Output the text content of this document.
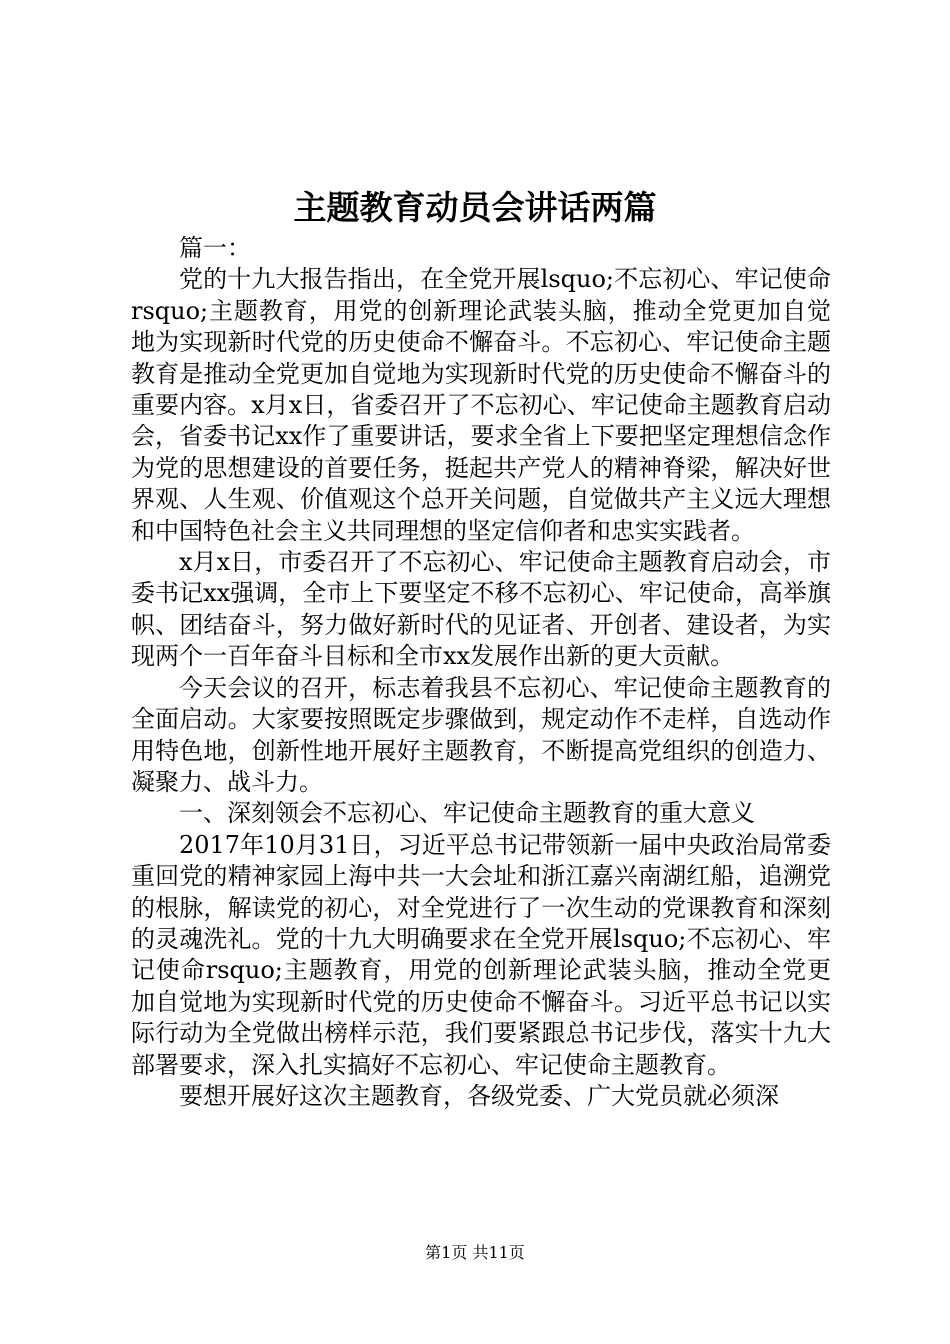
主题教育动员会讲话两篇

篇一：

党的十九大报告指出，在全党开展lsquo;不忘初心、牢记使命rsquo;主题教育，用党的创新理论武装头脑，推动全党更加自觉地为实现新时代党的历史使命不懈奋斗。不忘初心、牢记使命主题教育是推动全党更加自觉地为实现新时代党的历史使命不懈奋斗的重要内容。x月x日，省委召开了不忘初心、牢记使命主题教育启动会，省委书记xx作了重要讲话，要求全省上下要把坚定理想信念作为党的思想建设的首要任务，挺起共产党人的精神脊梁，解决好世界观、人生观、价值观这个总开关问题，自觉做共产主义远大理想和中国特色社会主义共同理想的坚定信仰者和忠实实践者。

x月x日，市委召开了不忘初心、牢记使命主题教育启动会，市委书记xx强调，全市上下要坚定不移不忘初心、牢记使命，高举旗帜、团结奋斗，努力做好新时代的见证者、开创者、建设者，为实现两个一百年奋斗目标和全市xx发展作出新的更大贡献。

今天会议的召开，标志着我县不忘初心、牢记使命主题教育的全面启动。大家要按照既定步骤做到，规定动作不走样，自选动作用特色地，创新性地开展好主题教育，不断提高党组织的创造力、凝聚力、战斗力。

一、深刻领会不忘初心、牢记使命主题教育的重大意义

2017年10月31日，习近平总书记带领新一届中央政治局常委重回党的精神家园上海中共一大会址和浙江嘉兴南湖红船，追溯党的根脉，解读党的初心，对全党进行了一次生动的党课教育和深刻的灵魂洗礼。党的十九大明确要求在全党开展lsquo;不忘初心、牢记使命rsquo;主题教育，用党的创新理论武装头脑，推动全党更加自觉地为实现新时代党的历史使命不懈奋斗。习近平总书记以实际行动为全党做出榜样示范，我们要紧跟总书记步伐，落实十九大部署要求，深入扎实搞好不忘初心、牢记使命主题教育。

要想开展好这次主题教育，各级党委、广大党员就必须深

第1页 共11页
